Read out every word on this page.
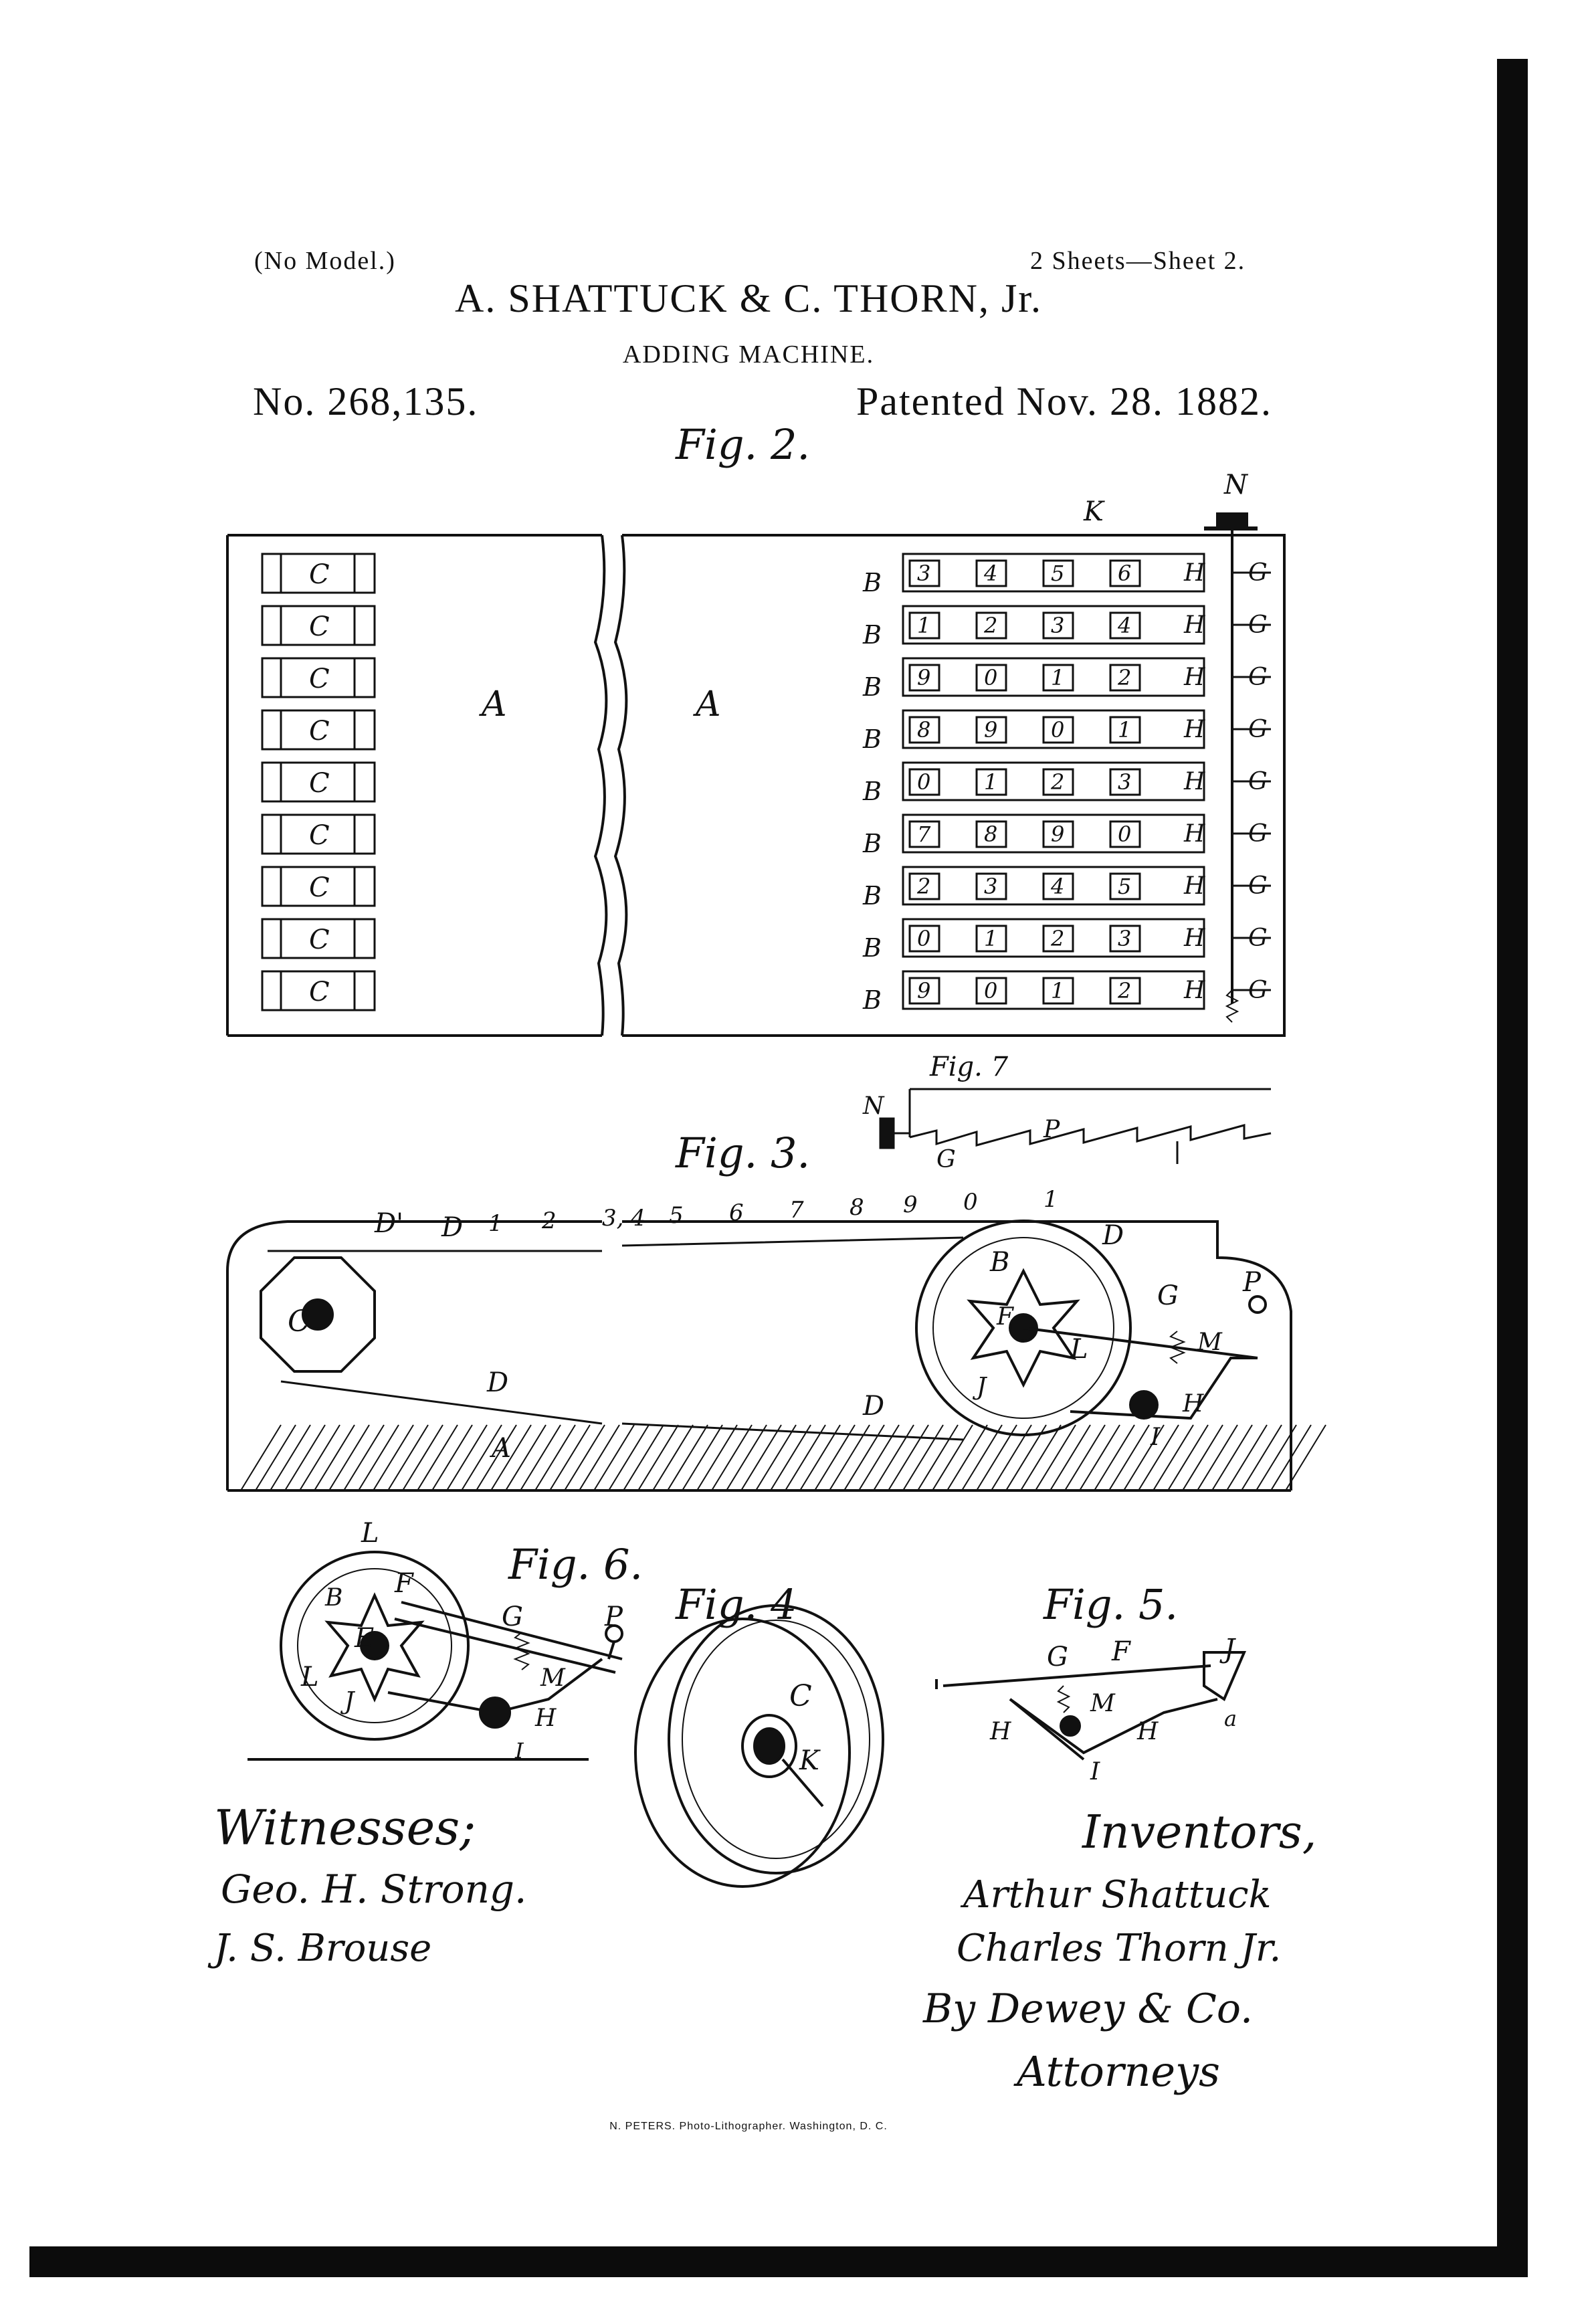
(No Model.)	2 Sheets—Sheet 2.
A. SHATTUCK & C. THORN, Jr.
ADDING MACHINE.
No. 268,135.	Patented Nov. 28. 1882.
Fig. 2.
C
C
C
C
C
C
C
C
C
B 3 4 5 6 H G
B 1 2 3 4 H G
B 9 0 1 2 H G
B 8 9 0 1 H G
B 0 1 2 3 H G
B 7 8 9 0 H G
B 2 3 4 5 H G
B 0 1 2 3 H G
B 9 0 1 2 H G
N
K
A	A
Fig. 7
N
P
G
Fig. 3.
1 2 3, 4 5 6 7 8 9 0	1
D' D
C
D
A
D
D
B
F
L
J
G P
M
H
I
Fig. 6.
L
B
E
F
G	P
M
H
L
J
I
Fig. 4
C
K
Fig. 5.
G F	J
M
H	H	a
I
Witnesses;
Geo. H. Strong.
J. S. Brouse
Inventors,
Arthur Shattuck
Charles Thorn Jr.
By Dewey & Co.
Attorneys
N. PETERS. Photo-Lithographer. Washington, D. C.
